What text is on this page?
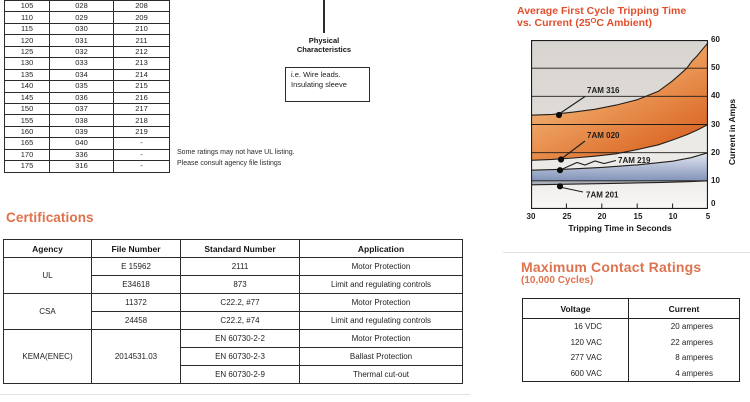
105	028	208
110	029	209
115	030	210
120	031	211
125	032	212
130	033	213
135	034	214
140	035	215
145	036	216
150	037	217
155	038	218
160	039	219
165	040	-
170	336	-
175	316	-
Physical
Characteristics
i.e. Wire leads.
Insulating sleeve
Some ratings may not have UL listing.
Please consult agency file listings
Certifications
Agency	File Number	Standard Number	Application
UL	E 15962	2111	Motor Protection
	E34618	873	Limit and regulating controls
CSA	11372	C22.2, #77	Motor Protection
	24458	C22.2, #74	Limit and regulating controls
KEMA(ENEC)	2014531.03	EN 60730-2-2	Motor Protection
		EN 60730-2-3	Ballast Protection
		EN 60730-2-9	Thermal cut-out
Average First Cycle Tripping Time
vs. Current ($25^OC$ Ambient)
7AM 316
7AM 020
7AM 219
7AM 201
60
50
40
30
20
10
0
30	25	20	15	10	5
Tripping Time in Seconds
Current in Amps
Maximum Contact Ratings
(10,000 Cycles)
Voltage	Current
16 VDC	20 amperes
120 VAC	22 amperes
277 VAC	8 amperes
600 VAC	4 amperes
